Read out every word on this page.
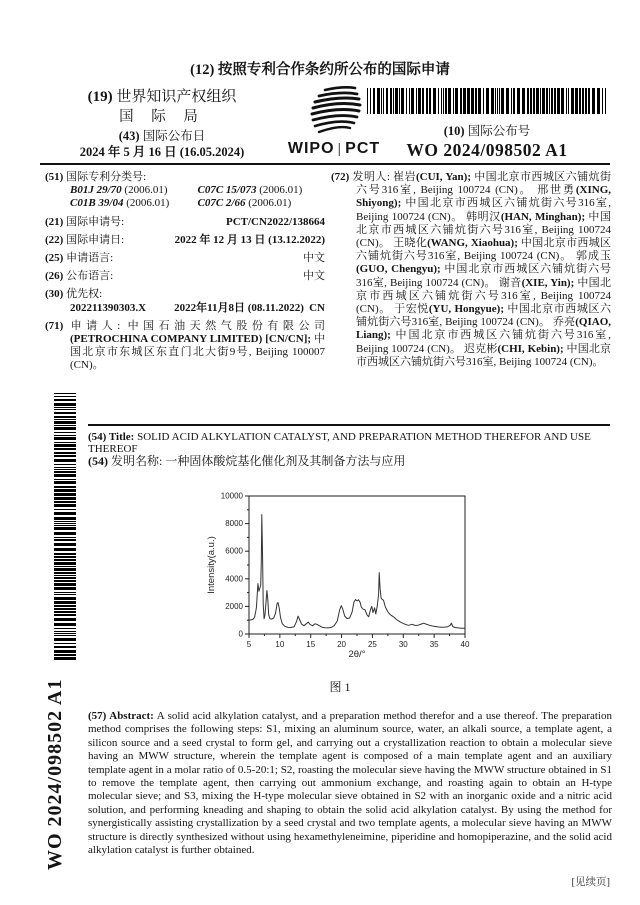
(12) 按照专利合作条约所公布的国际申请
(19) 世界知识产权组织
国 际 局
(43) 国际公布日
2024 年 5 月 16 日 (16.05.2024)	WIPO | PCT
(10) 国际公布号
WO 2024/098502 A1
(51) 国际专利分类号:
B01J 29/70 (2006.01)	C07C 15/073 (2006.01)
C01B 39/04 (2006.01)	C07C 2/66 (2006.01)
(21) 国际申请号:	PCT/CN2022/138664
(22) 国际申请日:	2022 年 12 月 13 日 (13.12.2022)
(25) 申请语言:	中文
(26) 公布语言:	中文
(30) 优先权:
202211390303.X	2022年11月8日 (08.11.2022) CN
(71) 申请人: 中国石油天然气股份有限公司 (PETROCHINA COMPANY LIMITED) [CN/CN]; 中国北京市东城区东直门北大街9号, Beijing 100007 (CN)。
(72) 发明人: 崔岩(CUI, Yan); 中国北京市西城区六铺炕街六号316室, Beijing 100724 (CN)。 邢世勇(XING, Shiyong); 中国北京市西城区六铺炕街六号316室, Beijing 100724 (CN)。 韩明汉(HAN, Minghan); 中国北京市西城区六铺炕街六号316室, Beijing 100724 (CN)。 王晓化(WANG, Xiaohua); 中国北京市西城区六铺炕街六号316室, Beijing 100724 (CN)。 郭成玉(GUO, Chengyu); 中国北京市西城区六铺炕街六号316室, Beijing 100724 (CN)。 谢音(XIE, Yin); 中国北京市西城区六铺炕街六号316室, Beijing 100724 (CN)。 于宏悦(YU, Hongyue); 中国北京市西城区六铺炕街六号316室, Beijing 100724 (CN)。 乔亮(QIAO, Liang); 中国北京市西城区六铺炕街六号316室, Beijing 100724 (CN)。 迟克彬(CHI, Kebin); 中国北京市西城区六铺炕街六号316室, Beijing 100724 (CN)。
WO 2024/098502 A1
(54) Title: SOLID ACID ALKYLATION CATALYST, AND PREPARATION METHOD THEREFOR AND USE THEREOF
(54) 发明名称: 一种固体酸烷基化催化剂及其制备方法与应用
5	10	15	20	25	30	35	40
0
2000
4000
6000
8000
10000
2θ/°
Intensity(a.u.)
图 1
(57) Abstract: A solid acid alkylation catalyst, and a preparation method therefor and a use thereof. The preparation method comprises the following steps: S1, mixing an aluminum source, water, an alkali source, a template agent, a silicon source and a seed crystal to form gel, and carrying out a crystallization reaction to obtain a molecular sieve having an MWW structure, wherein the template agent is composed of a main template agent and an auxiliary template agent in a molar ratio of 0.5-20:1; S2, roasting the molecular sieve having the MWW structure obtained in S1 to remove the template agent, then carrying out ammonium exchange, and roasting again to obtain an H-type molecular sieve; and S3, mixing the H-type molecular sieve obtained in S2 with an inorganic oxide and a nitric acid solution, and performing kneading and shaping to obtain the solid acid alkylation catalyst. By using the method for synergistically assisting crystallization by a seed crystal and two template agents, a molecular sieve having an MWW structure is directly synthesized without using hexamethyleneimine, piperidine and homopiperazine, and the solid acid alkylation catalyst is further obtained.
[见续页]
